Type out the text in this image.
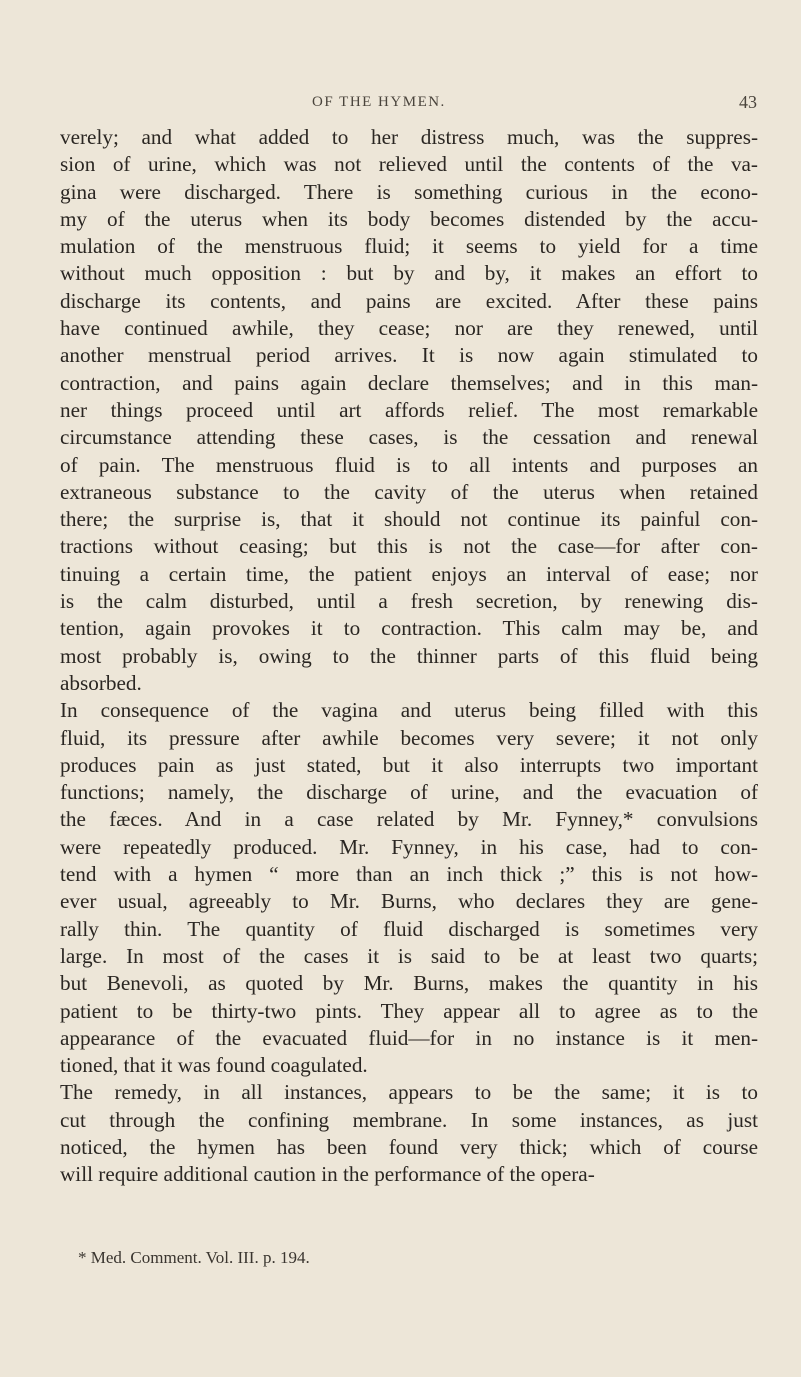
OF THE HYMEN.	43
verely; and what added to her distress much, was the suppres-
sion of urine, which was not relieved until the contents of the va-
gina were discharged. There is something curious in the econo-
my of the uterus when its body becomes distended by the accu-
mulation of the menstruous fluid; it seems to yield for a time
without much opposition : but by and by, it makes an effort to
discharge its contents, and pains are excited. After these pains
have continued awhile, they cease; nor are they renewed, until
another menstrual period arrives. It is now again stimulated to
contraction, and pains again declare themselves; and in this man-
ner things proceed until art affords relief. The most remarkable
circumstance attending these cases, is the cessation and renewal
of pain. The menstruous fluid is to all intents and purposes an
extraneous substance to the cavity of the uterus when retained
there; the surprise is, that it should not continue its painful con-
tractions without ceasing; but this is not the case—for after con-
tinuing a certain time, the patient enjoys an interval of ease; nor
is the calm disturbed, until a fresh secretion, by renewing dis-
tention, again provokes it to contraction. This calm may be, and
most probably is, owing to the thinner parts of this fluid being
absorbed.
In consequence of the vagina and uterus being filled with this
fluid, its pressure after awhile becomes very severe; it not only
produces pain as just stated, but it also interrupts two important
functions; namely, the discharge of urine, and the evacuation of
the fæces. And in a case related by Mr. Fynney,* convulsions
were repeatedly produced. Mr. Fynney, in his case, had to con-
tend with a hymen “ more than an inch thick ;” this is not how-
ever usual, agreeably to Mr. Burns, who declares they are gene-
rally thin. The quantity of fluid discharged is sometimes very
large. In most of the cases it is said to be at least two quarts;
but Benevoli, as quoted by Mr. Burns, makes the quantity in his
patient to be thirty-two pints. They appear all to agree as to the
appearance of the evacuated fluid—for in no instance is it men-
tioned, that it was found coagulated.
The remedy, in all instances, appears to be the same; it is to
cut through the confining membrane. In some instances, as just
noticed, the hymen has been found very thick; which of course
will require additional caution in the performance of the opera-
* Med. Comment. Vol. III. p. 194.
